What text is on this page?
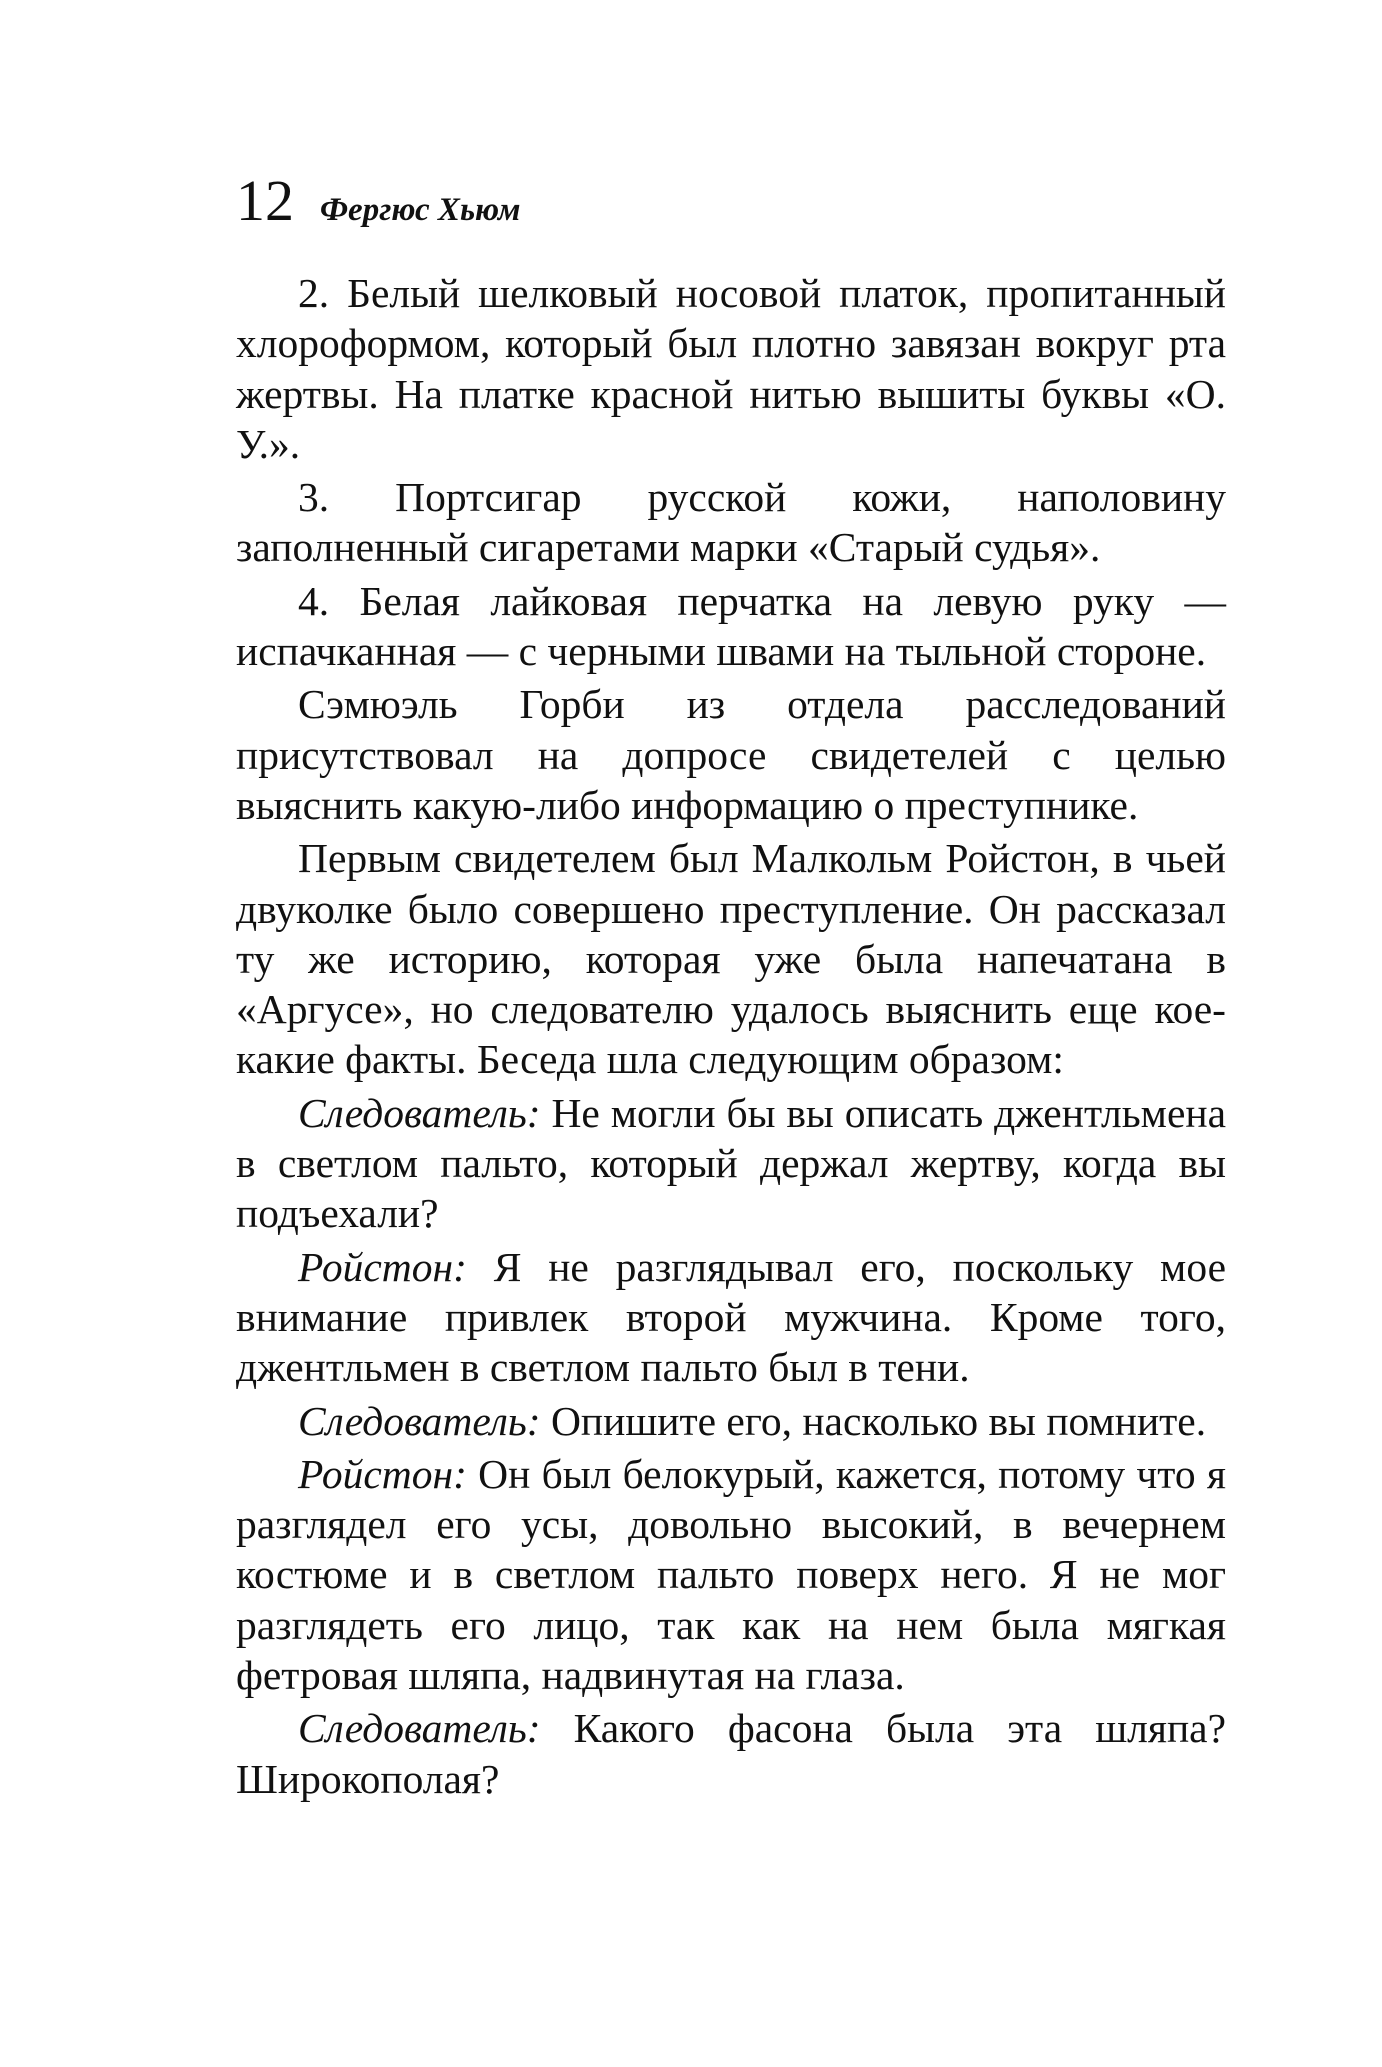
12 Фергюс Хьюм

2. Белый шелковый носовой платок, пропитанный хлороформом, который был плотно завязан вокруг рта жертвы. На платке красной нитью вышиты буквы «О. У.».

3. Портсигар русской кожи, наполовину заполненный сигаретами марки «Старый судья».

4. Белая лайковая перчатка на левую руку — испачканная — с черными швами на тыльной стороне.

Сэмюэль Горби из отдела расследований присутствовал на допросе свидетелей с целью выяснить какую-либо информацию о преступнике.

Первым свидетелем был Малкольм Ройстон, в чьей двуколке было совершено преступление. Он рассказал ту же историю, которая уже была напечатана в «Аргусе», но следователю удалось выяснить еще кое-какие факты. Беседа шла следующим образом:

Следователь: Не могли бы вы описать джентльмена в светлом пальто, который держал жертву, когда вы подъехали?

Ройстон: Я не разглядывал его, поскольку мое внимание привлек второй мужчина. Кроме того, джентльмен в светлом пальто был в тени.

Следователь: Опишите его, насколько вы помните.

Ройстон: Он был белокурый, кажется, потому что я разглядел его усы, довольно высокий, в вечернем костюме и в светлом пальто поверх него. Я не мог разглядеть его лицо, так как на нем была мягкая фетровая шляпа, надвинутая на глаза.

Следователь: Какого фасона была эта шляпа? Широкополая?
